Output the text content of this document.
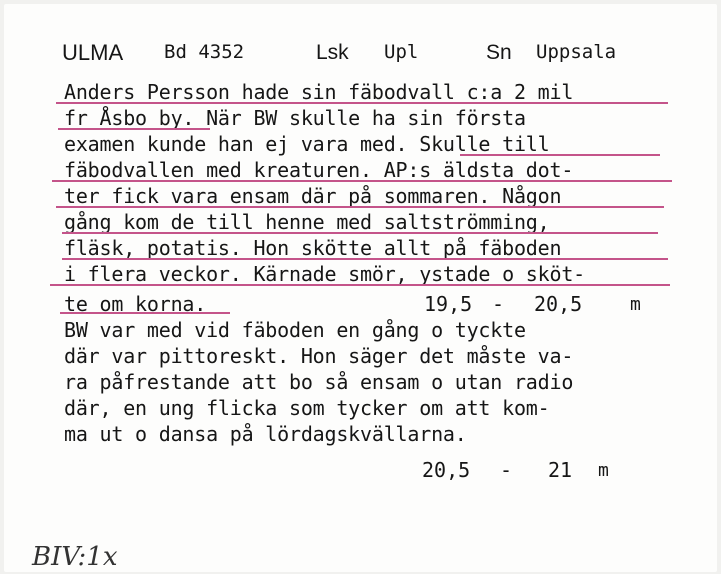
ULMA Bd 4352	Lsk Upl	Sn Uppsala
Anders Persson hade sin fäbodvall c:a 2 mil
fr Åsbo by. När BW skulle ha sin första
examen kunde han ej vara med. Skulle till
fäbodvallen med kreaturen. AP:s äldsta dot-
ter fick vara ensam där på sommaren. Någon
gång kom de till henne med saltströmming,
fläsk, potatis. Hon skötte allt på fäboden
i flera veckor. Kärnade smör, ystade o sköt-
te om korna.	19,5 - 20,5	m
BW var med vid fäboden en gång o tyckte
där var pittoreskt. Hon säger det måste va-
ra påfrestande att bo så ensam o utan radio
där, en ung flicka som tycker om att kom-
ma ut o dansa på lördagskvällarna.
20,5 - 21 m
BIV:1x
